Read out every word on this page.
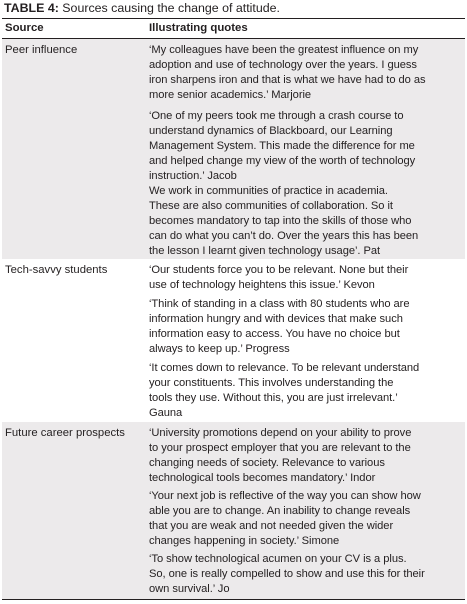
TABLE 4: Sources causing the change of attitude.
Source	Illustrating quotes
Peer influence	‘My colleagues have been the greatest influence on my
adoption and use of technology over the years. I guess
iron sharpens iron and that is what we have had to do as
more senior academics.’ Marjorie
‘One of my peers took me through a crash course to
understand dynamics of Blackboard, our Learning
Management System. This made the difference for me
and helped change my view of the worth of technology
instruction.’ Jacob
We work in communities of practice in academia.
These are also communities of collaboration. So it
becomes mandatory to tap into the skills of those who
can do what you can’t do. Over the years this has been
the lesson I learnt given technology usage’. Pat
Tech-savvy students	‘Our students force you to be relevant. None but their
use of technology heightens this issue.’ Kevon
‘Think of standing in a class with 80 students who are
information hungry and with devices that make such
information easy to access. You have no choice but
always to keep up.’ Progress
‘It comes down to relevance. To be relevant understand
your constituents. This involves understanding the
tools they use. Without this, you are just irrelevant.’
Gauna
Future career prospects ‘University promotions depend on your ability to prove
to your prospect employer that you are relevant to the
changing needs of society. Relevance to various
technological tools becomes mandatory.’ Indor
‘Your next job is reflective of the way you can show how
able you are to change. An inability to change reveals
that you are weak and not needed given the wider
changes happening in society.’ Simone
‘To show technological acumen on your CV is a plus.
So, one is really compelled to show and use this for their
own survival.’ Jo
